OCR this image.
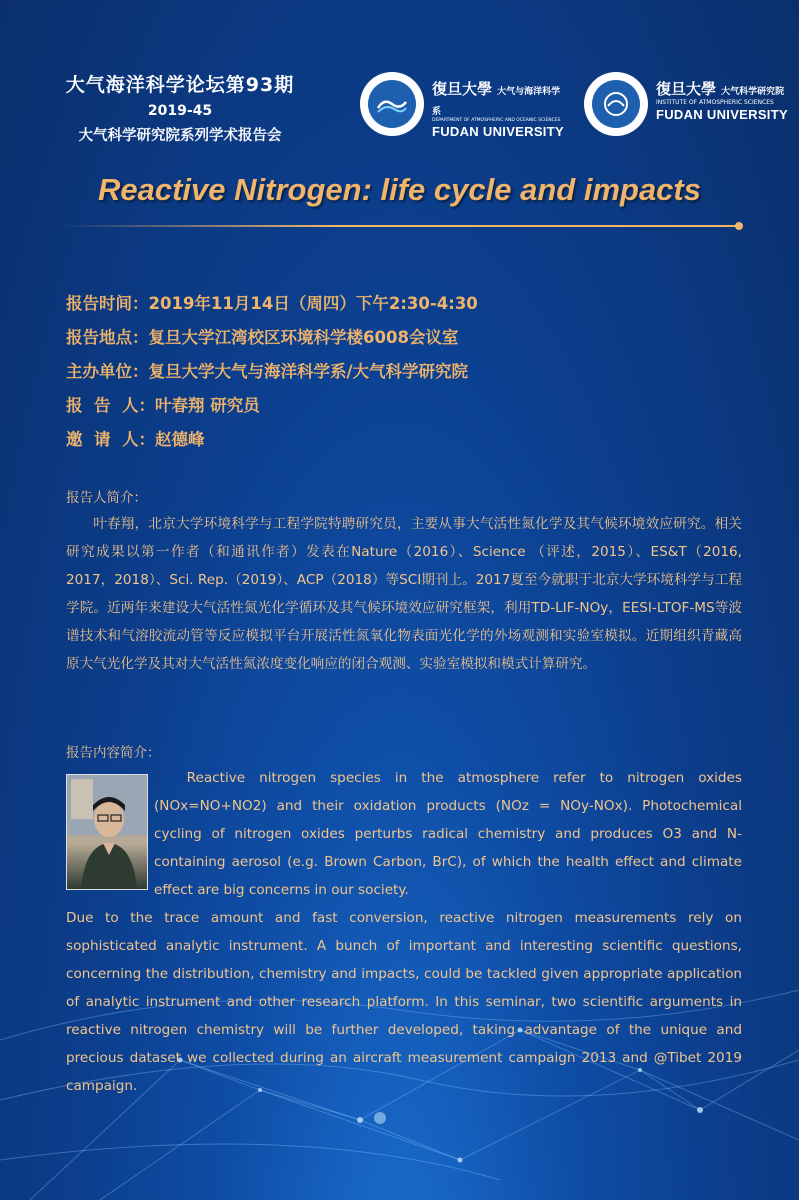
大气海洋科学论坛第93期
2019-45
大气科学研究院系列学术报告会
復旦大學 大气与海洋科学系
DEPARTMENT OF ATMOSPHERIC AND OCEANIC SCIENCES
FUDAN UNIVERSITY
復旦大學 大气科学研究院
INSTITUTE OF ATMOSPHERIC SCIENCES
FUDAN UNIVERSITY
Reactive Nitrogen: life cycle and impacts
报告时间：2019年11月14日（周四）下午2:30-4:30
报告地点：复旦大学江湾校区环境科学楼6008会议室
主办单位：复旦大学大气与海洋科学系/大气科学研究院
报  告  人：叶春翔 研究员
邀  请  人：赵德峰
报告人简介：
叶春翔，北京大学环境科学与工程学院特聘研究员，主要从事大气活性氮化学及其气候环境效应研究。相关研究成果以第一作者（和通讯作者）发表在Nature（2016）、Science （评述，2015）、ES&T（2016, 2017，2018）、Sci. Rep.（2019）、ACP（2018）等SCI期刊上。2017夏至今就职于北京大学环境科学与工程学院。近两年来建设大气活性氮光化学循环及其气候环境效应研究框架，利用TD-LIF-NOy，EESI-LTOF-MS等波谱技术和气溶胶流动管等反应模拟平台开展活性氮氧化物表面光化学的外场观测和实验室模拟。近期组织青藏高原大气光化学及其对大气活性氮浓度变化响应的闭合观测、实验室模拟和模式计算研究。
报告内容简介：
Reactive nitrogen species in the atmosphere refer to nitrogen oxides (NOx=NO+NO2) and their oxidation products (NOz = NOy-NOx). Photochemical cycling of nitrogen oxides perturbs radical chemistry and produces O3 and N-containing aerosol (e.g. Brown Carbon, BrC), of which the health effect and climate effect are big concerns in our society.
Due to the trace amount and fast conversion, reactive nitrogen measurements rely on sophisticated analytic instrument. A bunch of important and interesting scientific questions, concerning the distribution, chemistry and impacts, could be tackled given appropriate application of analytic instrument and other research platform. In this seminar, two scientific arguments in reactive nitrogen chemistry will be further developed, taking advantage of the unique and precious dataset we collected during an aircraft measurement campaign 2013 and @Tibet 2019 campaign.
